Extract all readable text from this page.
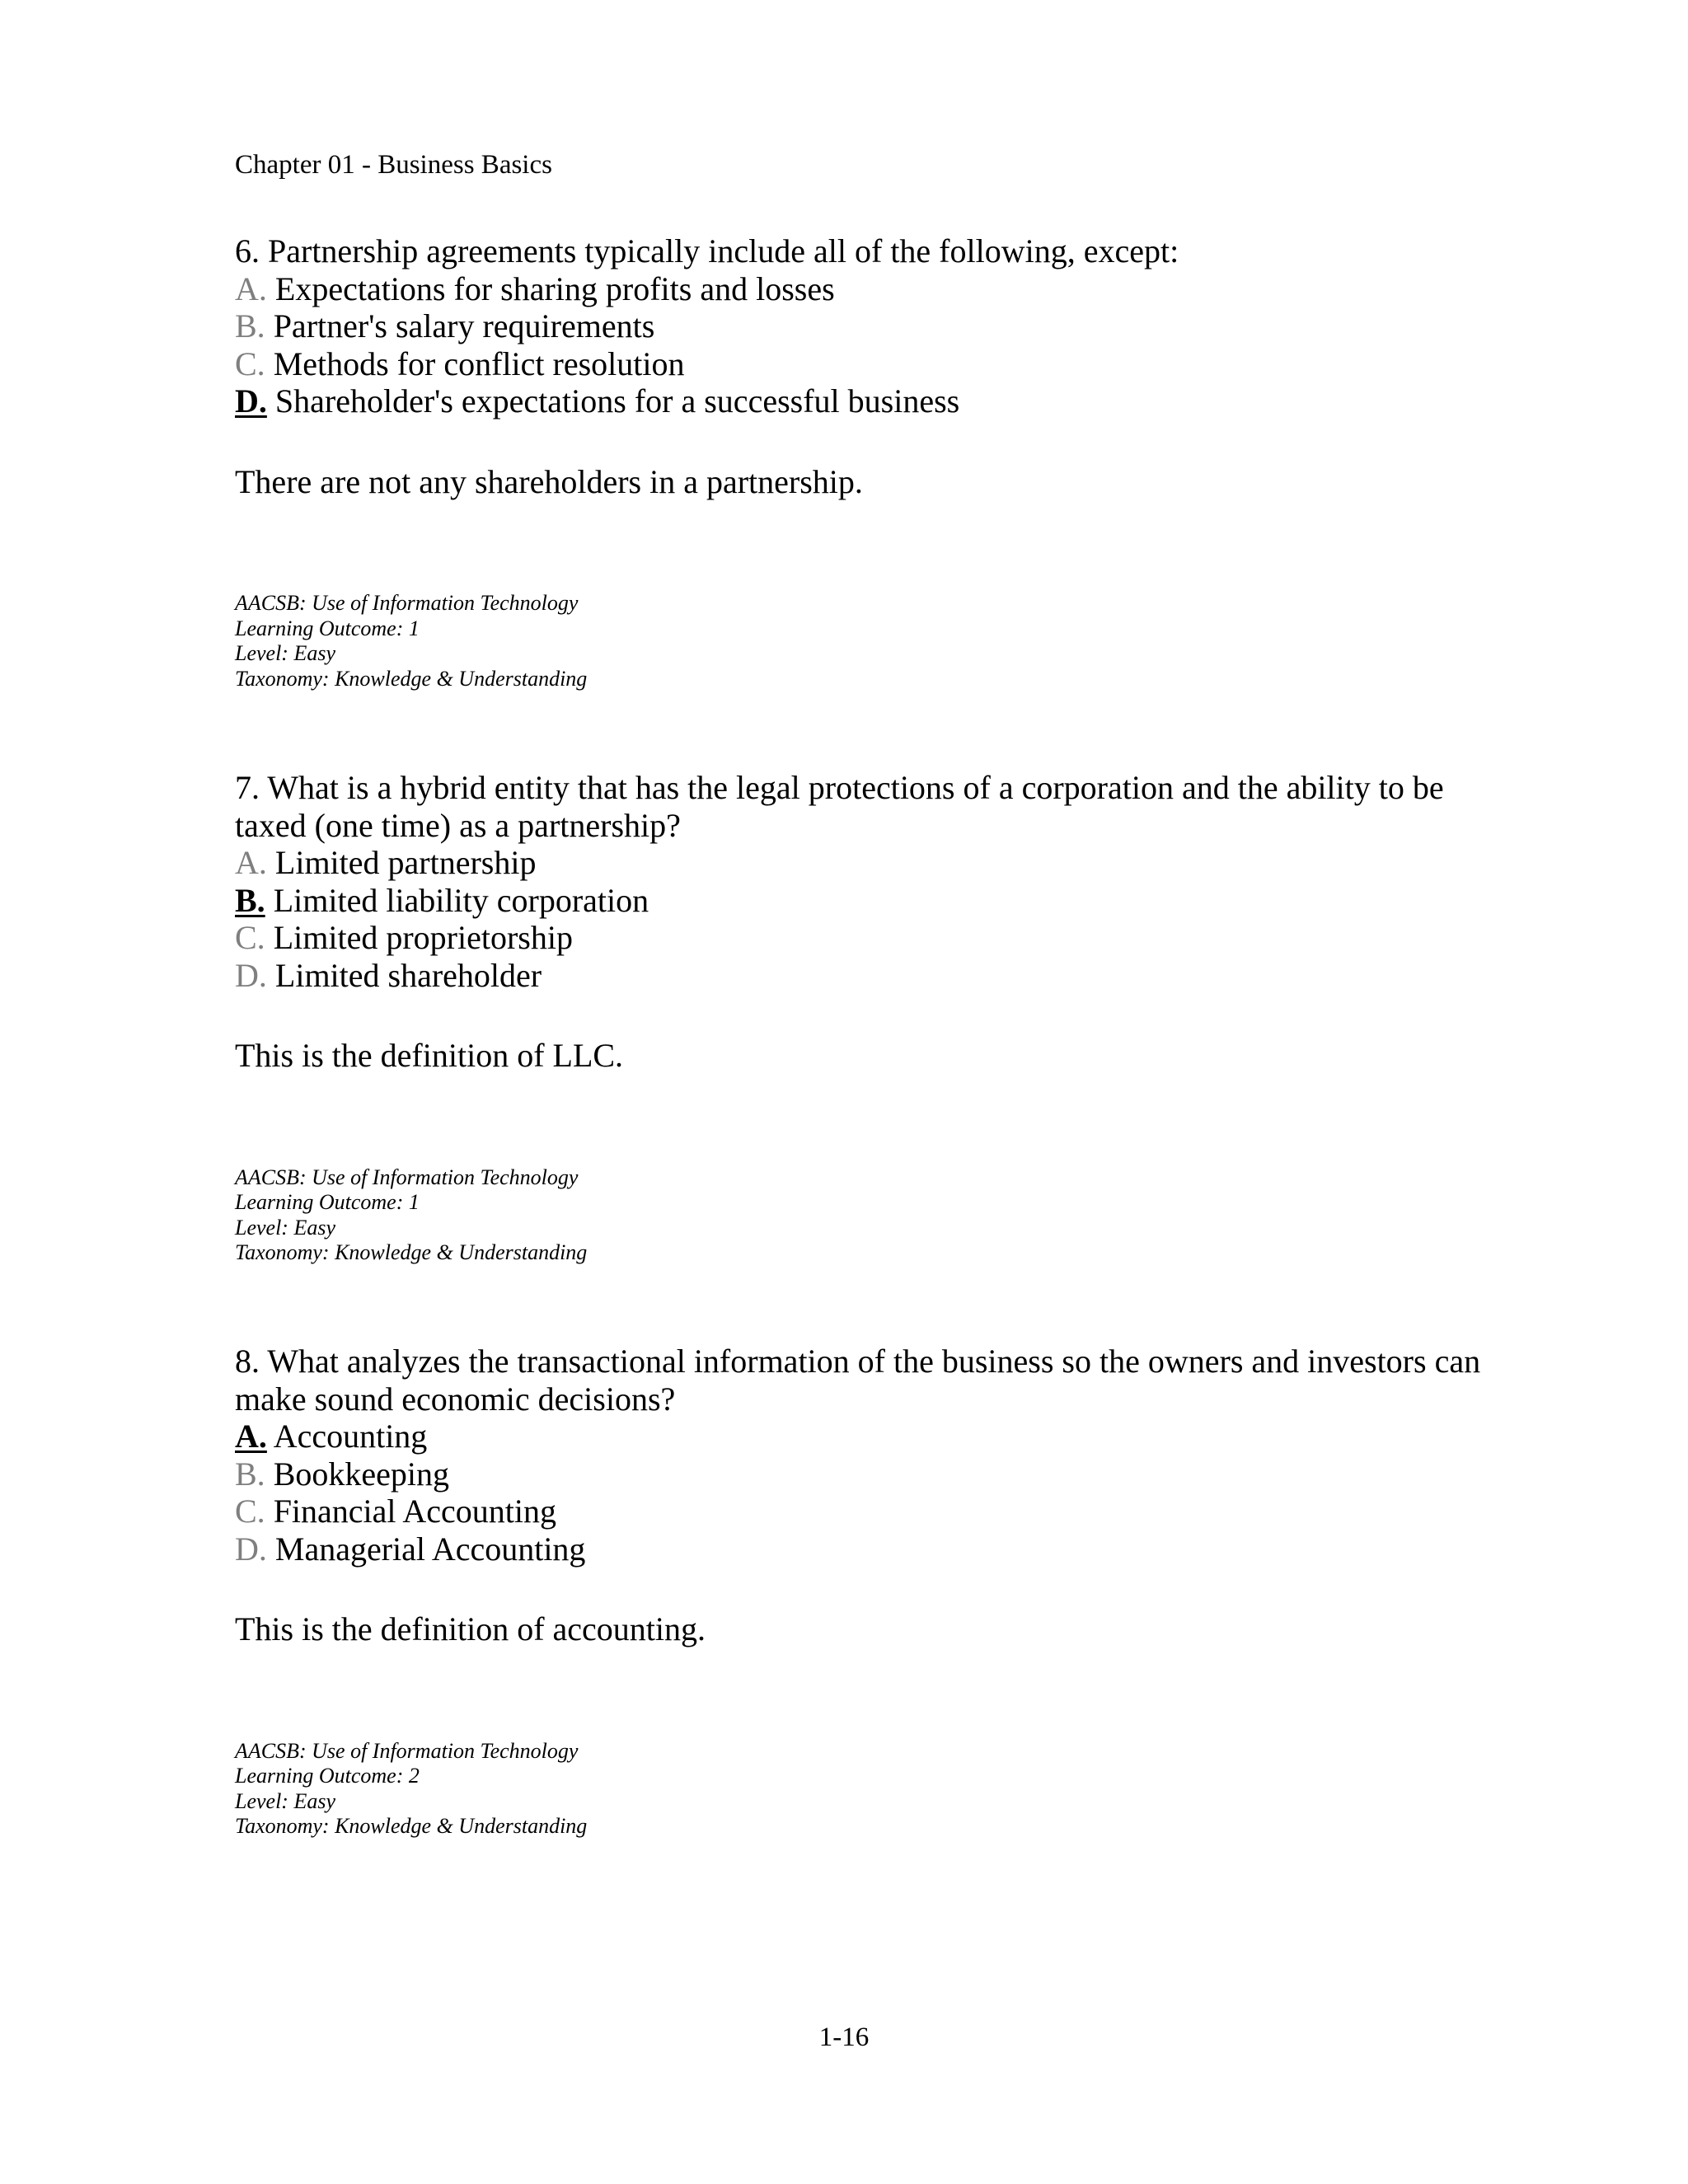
Chapter 01 - Business Basics
6. Partnership agreements typically include all of the following, except:
A. Expectations for sharing profits and losses
B. Partner's salary requirements
C. Methods for conflict resolution
D. Shareholder's expectations for a successful business
There are not any shareholders in a partnership.
AACSB: Use of Information Technology
Learning Outcome: 1
Level: Easy
Taxonomy: Knowledge & Understanding
7. What is a hybrid entity that has the legal protections of a corporation and the ability to be taxed (one time) as a partnership?
A. Limited partnership
B. Limited liability corporation
C. Limited proprietorship
D. Limited shareholder
This is the definition of LLC.
AACSB: Use of Information Technology
Learning Outcome: 1
Level: Easy
Taxonomy: Knowledge & Understanding
8. What analyzes the transactional information of the business so the owners and investors can make sound economic decisions?
A. Accounting
B. Bookkeeping
C. Financial Accounting
D. Managerial Accounting
This is the definition of accounting.
AACSB: Use of Information Technology
Learning Outcome: 2
Level: Easy
Taxonomy: Knowledge & Understanding
1-16
